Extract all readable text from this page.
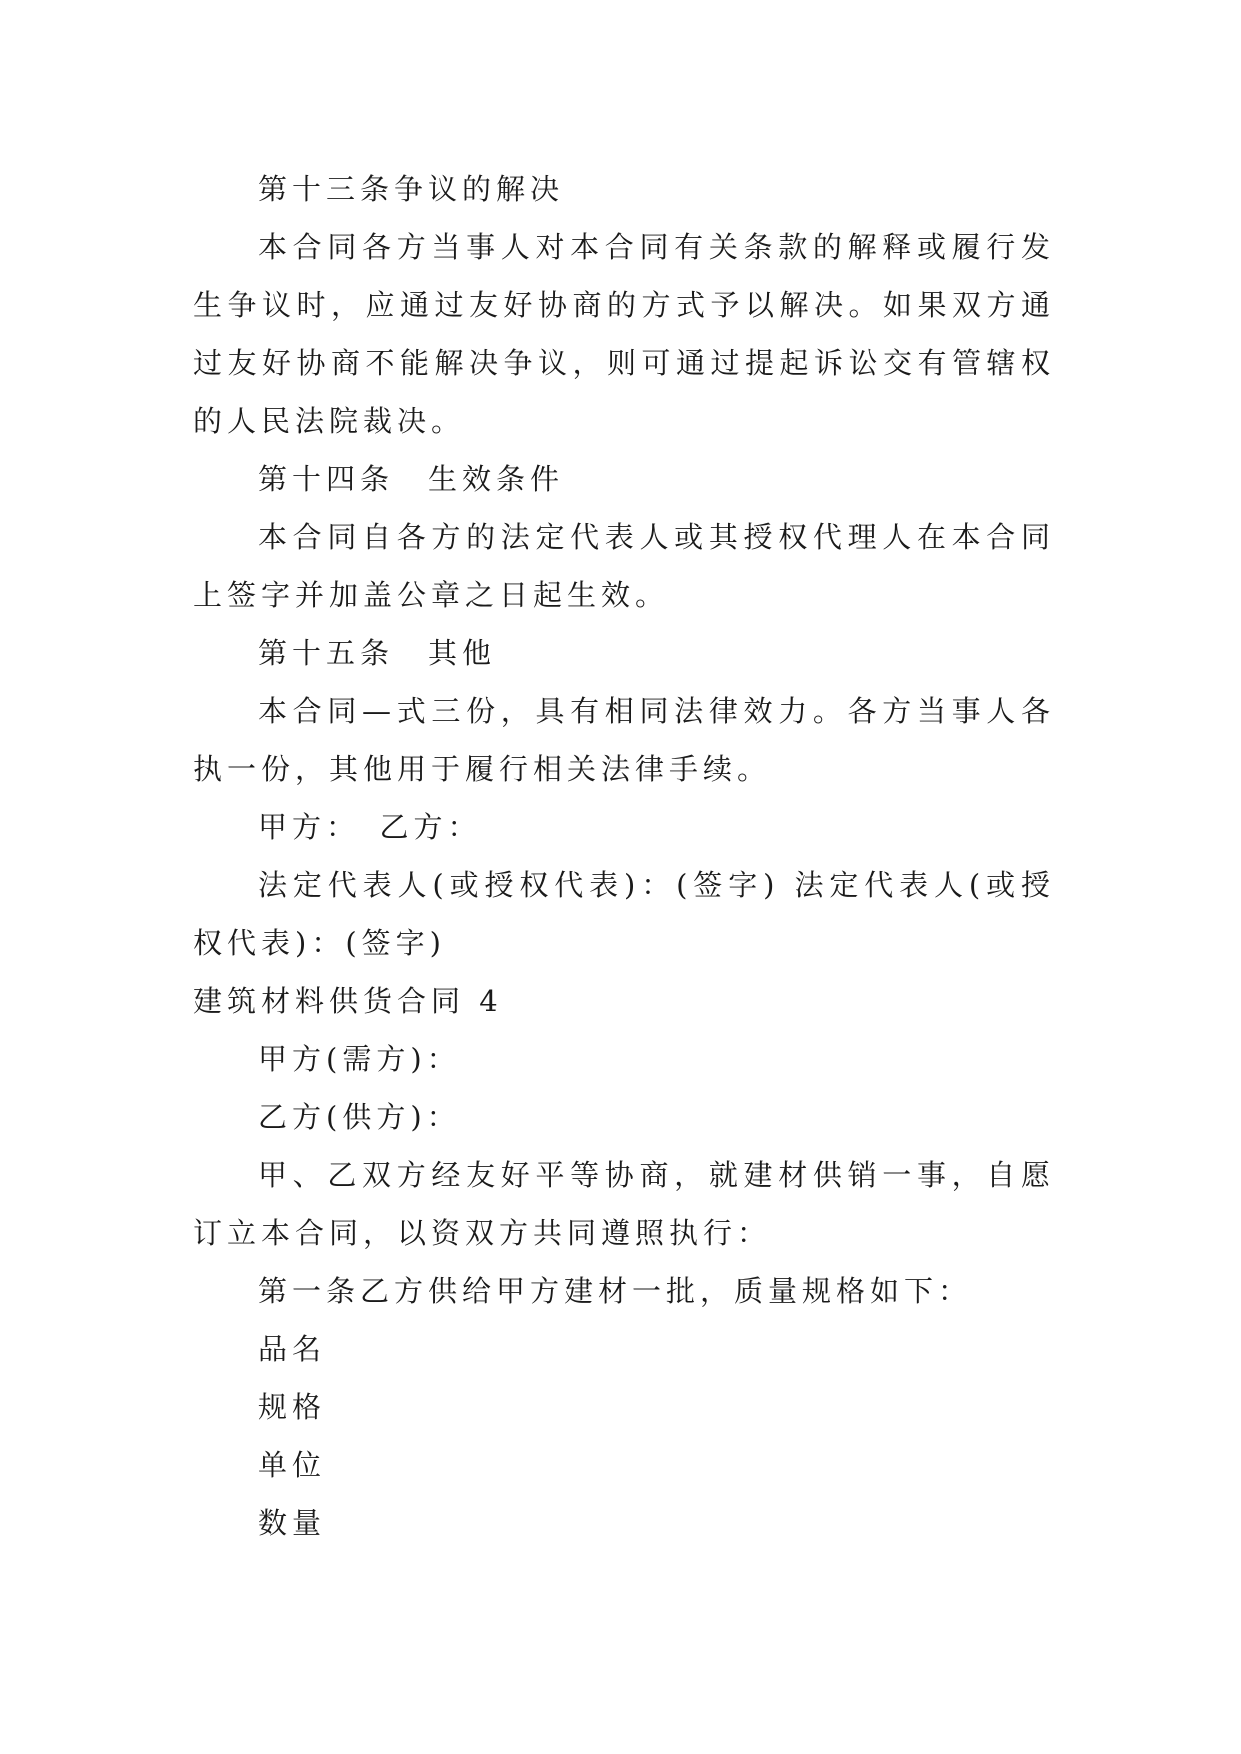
第十三条争议的解决

本合同各方当事人对本合同有关条款的解释或履行发生争议时，应通过友好协商的方式予以解决。如果双方通过友好协商不能解决争议，则可通过提起诉讼交有管辖权的人民法院裁决。

第十四条　生效条件

本合同自各方的法定代表人或其授权代理人在本合同上签字并加盖公章之日起生效。

第十五条　其他

本合同—式三份，具有相同法律效力。各方当事人各执一份，其他用于履行相关法律手续。

甲方：　乙方：

法定代表人(或授权代表)：(签字) 法定代表人(或授权代表)：(签字)

建筑材料供货合同 4

甲方(需方)：

乙方(供方)：

甲、乙双方经友好平等协商，就建材供销一事，自愿订立本合同，以资双方共同遵照执行：

第一条乙方供给甲方建材一批，质量规格如下：

品名

规格

单位

数量
